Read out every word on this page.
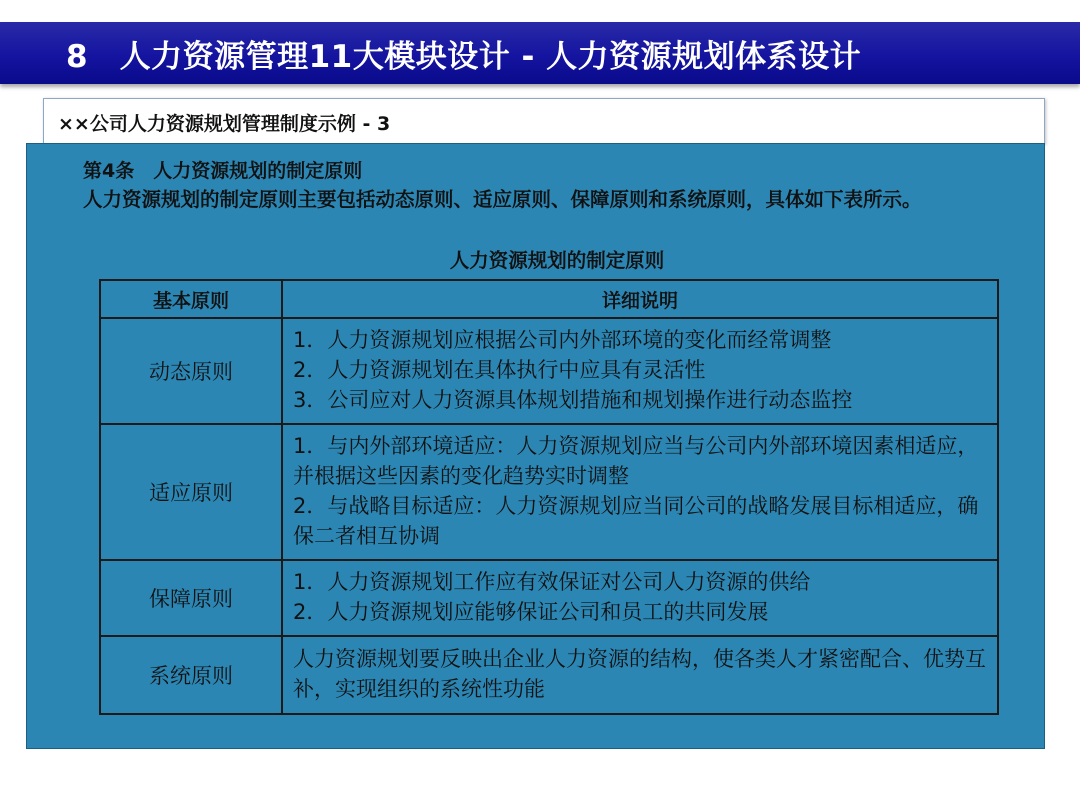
8　人力资源管理11大模块设计 - 人力资源规划体系设计
××公司人力资源规划管理制度示例 - 3
第4条　人力资源规划的制定原则
人力资源规划的制定原则主要包括动态原则、适应原则、保障原则和系统原则，具体如下表所示。
人力资源规划的制定原则
基本原则	详细说明
动态原则	1．人力资源规划应根据公司内外部环境的变化而经常调整
2．人力资源规划在具体执行中应具有灵活性
3．公司应对人力资源具体规划措施和规划操作进行动态监控

适应原则	1．与内外部环境适应：人力资源规划应当与公司内外部环境因素相适应，并根据这些因素的变化趋势实时调整
2．与战略目标适应：人力资源规划应当同公司的战略发展目标相适应，确保二者相互协调

保障原则	1．人力资源规划工作应有效保证对公司人力资源的供给
2．人力资源规划应能够保证公司和员工的共同发展

系统原则	人力资源规划要反映出企业人力资源的结构，使各类人才紧密配合、优势互补，实现组织的系统性功能
